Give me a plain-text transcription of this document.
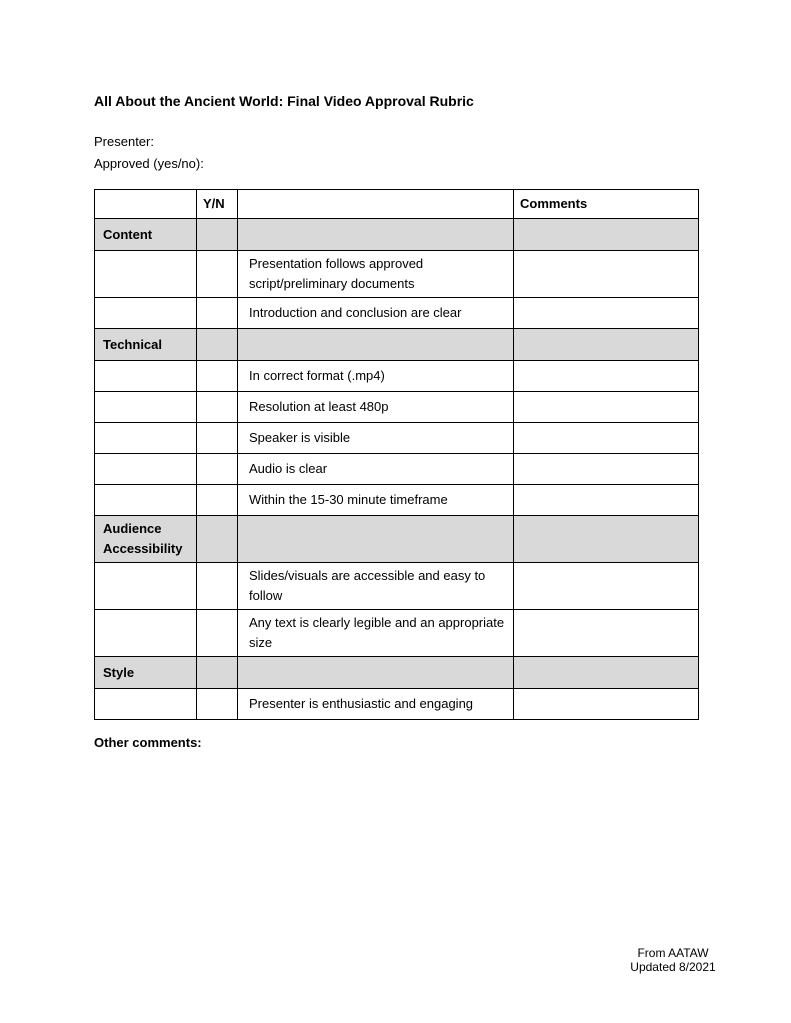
All About the Ancient World: Final Video Approval Rubric
Presenter:
Approved (yes/no):
	Y/N		Comments
Content			
		Presentation follows approved script/preliminary documents	
		Introduction and conclusion are clear	
Technical			
		In correct format (.mp4)	
		Resolution at least 480p	
		Speaker is visible	
		Audio is clear	
		Within the 15-30 minute timeframe	
Audience Accessibility			
		Slides/visuals are accessible and easy to follow	
		Any text is clearly legible and an appropriate size	
Style			
		Presenter is enthusiastic and engaging	
Other comments:
From AATAW
Updated 8/2021
